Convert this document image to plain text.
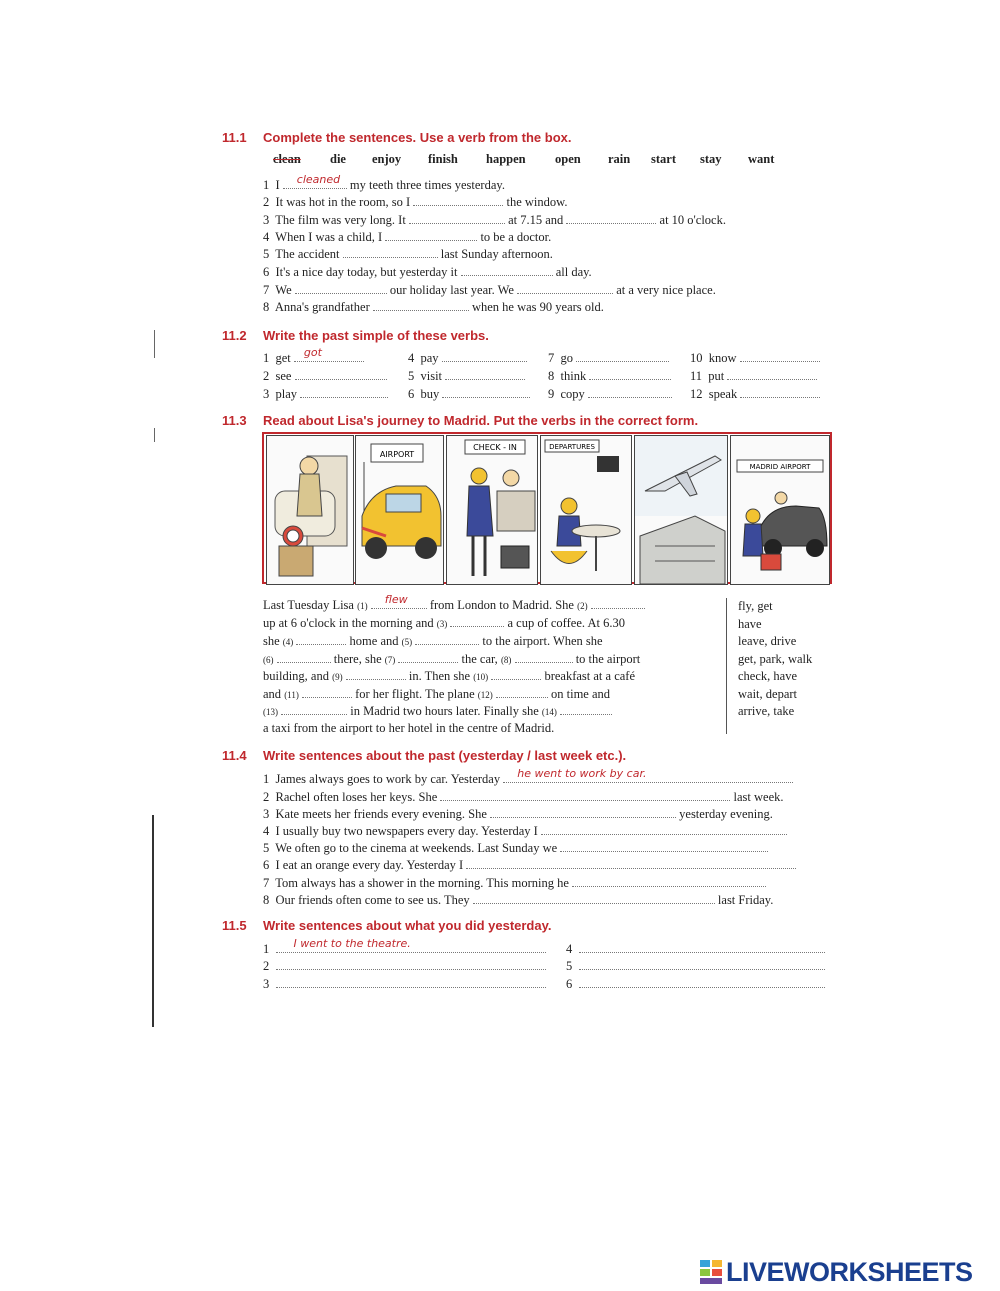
11.1 Complete the sentences. Use a verb from the box.
clean die enjoy finish happen open rain start stay want
1 I cleaned my teeth three times yesterday.
2 It was hot in the room, so I	the window.
3 The film was very long. It	at 7.15 and	at 10 o'clock.
4 When I was a child, I	to be a doctor.
5 The accident	last Sunday afternoon.
6 It's a nice day today, but yesterday it	all day.
7 We	our holiday last year. We	at a very nice place.
8 Anna's grandfather	when he was 90 years old.
11.2 Write the past simple of these verbs.
1 get got	4 pay	7 go	10 know
2 see	5 visit	8 think	11 put
3 play	6 buy	9 copy	12 speak
11.3 Read about Lisa's journey to Madrid. Put the verbs in the correct form.
AIRPORT
CHECK - IN	DEPARTURES
MADRID AIRPORT
Last Tuesday Lisa (1) flew from London to Madrid. She (2)
up at 6 o'clock in the morning and (3)	a cup of coffee. At 6.30
she (4)	home and (5)	to the airport. When she
(6)	there, she (7)	the car, (8)	to the airport
building, and (9)	in. Then she (10)	breakfast at a café
and (11)	for her flight. The plane (12)	on time and
(13)	in Madrid two hours later. Finally she (14)
a taxi from the airport to her hotel in the centre of Madrid.
fly, get
have
leave, drive
get, park, walk
check, have
wait, depart
arrive, take
11.4 Write sentences about the past (yesterday / last week etc.).
1 James always goes to work by car. Yesterday he went to work by car.
2 Rachel often loses her keys. She	last week.
3 Kate meets her friends every evening. She	yesterday evening.
4 I usually buy two newspapers every day. Yesterday I
5 We often go to the cinema at weekends. Last Sunday we
6 I eat an orange every day. Yesterday I
7 Tom always has a shower in the morning. This morning he
8 Our friends often come to see us. They	last Friday.
11.5 Write sentences about what you did yesterday.
1 I went to the theatre.
2
3
4
5
6
LIVEWORKSHEETS
